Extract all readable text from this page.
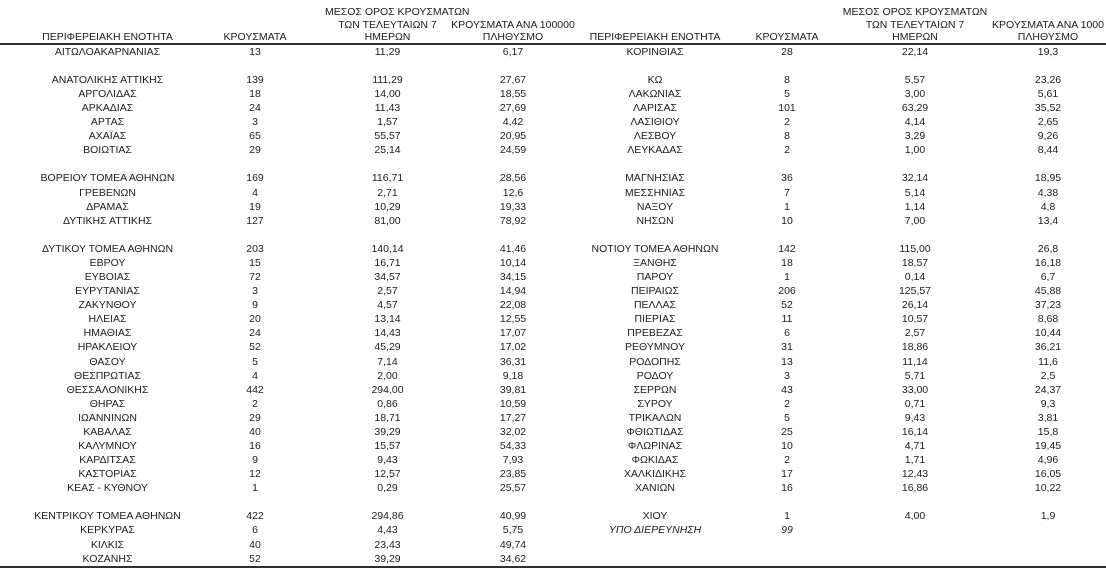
ΠΕΡΙΦΕΡΕΙΑΚΗ ΕΝΟΤΗΤΑ	ΚΡΟΥΣΜΑΤΑ
ΜΕΣΟΣ ΟΡΟΣ ΚΡΟΥΣΜΑΤΩΝ
ΤΩΝ ΤΕΛΕΥΤΑΙΩΝ 7
ΗΜΕΡΩΝ
ΚΡΟΥΣΜΑΤΑ ΑΝΑ 100000
ΠΛΗΘΥΣΜΟ	ΠΕΡΙΦΕΡΕΙΑΚΗ ΕΝΟΤΗΤΑ	ΚΡΟΥΣΜΑΤΑ
ΜΕΣΟΣ ΟΡΟΣ ΚΡΟΥΣΜΑΤΩΝ
ΤΩΝ ΤΕΛΕΥΤΑΙΩΝ 7
ΗΜΕΡΩΝ
ΚΡΟΥΣΜΑΤΑ ΑΝΑ 1000
ΠΛΗΘΥΣΜΟ
ΑΙΤΩΛΟΑΚΑΡΝΑΝΙΑΣ	13	11,29	6,17	ΚΟΡΙΝΘΙΑΣ	28	22,14	19,3
ΑΝΑΤΟΛΙΚΗΣ ΑΤΤΙΚΗΣ	139	111,29	27,67	ΚΩ	8	5,57	23,26
ΑΡΓΟΛΙΔΑΣ	18	14,00	18,55	ΛΑΚΩΝΙΑΣ	5	3,00	5,61
ΑΡΚΑΔΙΑΣ	24	11,43	27,69	ΛΑΡΙΣΑΣ	101	63,29	35,52
ΑΡΤΑΣ	3	1,57	4,42	ΛΑΣΙΘΙΟΥ	2	4,14	2,65
ΑΧΑΪΑΣ	65	55,57	20,95	ΛΕΣΒΟΥ	8	3,29	9,26
ΒΟΙΩΤΙΑΣ	29	25,14	24,59	ΛΕΥΚΑΔΑΣ	2	1,00	8,44
ΒΟΡΕΙΟΥ ΤΟΜΕΑ ΑΘΗΝΩΝ	169	116,71	28,56	ΜΑΓΝΗΣΙΑΣ	36	32,14	18,95
ΓΡΕΒΕΝΩΝ	4	2,71	12,6	ΜΕΣΣΗΝΙΑΣ	7	5,14	4,38
ΔΡΑΜΑΣ	19	10,29	19,33	ΝΑΞΟΥ	1	1,14	4,8
ΔΥΤΙΚΗΣ ΑΤΤΙΚΗΣ	127	81,00	78,92	ΝΗΣΩΝ	10	7,00	13,4
ΔΥΤΙΚΟΥ ΤΟΜΕΑ ΑΘΗΝΩΝ	203	140,14	41,46	ΝΟΤΙΟΥ ΤΟΜΕΑ ΑΘΗΝΩΝ	142	115,00	26,8
ΕΒΡΟΥ	15	16,71	10,14	ΞΑΝΘΗΣ	18	18,57	16,18
ΕΥΒΟΙΑΣ	72	34,57	34,15	ΠΑΡΟΥ	1	0,14	6,7
ΕΥΡΥΤΑΝΙΑΣ	3	2,57	14,94	ΠΕΙΡΑΙΩΣ	206	125,57	45,88
ΖΑΚΥΝΘΟΥ	9	4,57	22,08	ΠΕΛΛΑΣ	52	26,14	37,23
ΗΛΕΙΑΣ	20	13,14	12,55	ΠΙΕΡΙΑΣ	11	10,57	8,68
ΗΜΑΘΙΑΣ	24	14,43	17,07	ΠΡΕΒΕΖΑΣ	6	2,57	10,44
ΗΡΑΚΛΕΙΟΥ	52	45,29	17,02	ΡΕΘΥΜΝΟΥ	31	18,86	36,21
ΘΑΣΟΥ	5	7,14	36,31	ΡΟΔΟΠΗΣ	13	11,14	11,6
ΘΕΣΠΡΩΤΙΑΣ	4	2,00	9,18	ΡΟΔΟΥ	3	5,71	2,5
ΘΕΣΣΑΛΟΝΙΚΗΣ	442	294,00	39,81	ΣΕΡΡΩΝ	43	33,00	24,37
ΘΗΡΑΣ	2	0,86	10,59	ΣΥΡΟΥ	2	0,71	9,3
ΙΩΑΝΝΙΝΩΝ	29	18,71	17,27	ΤΡΙΚΑΛΩΝ	5	9,43	3,81
ΚΑΒΑΛΑΣ	40	39,29	32,02	ΦΘΙΩΤΙΔΑΣ	25	16,14	15,8
ΚΑΛΥΜΝΟΥ	16	15,57	54,33	ΦΛΩΡΙΝΑΣ	10	4,71	19,45
ΚΑΡΔΙΤΣΑΣ	9	9,43	7,93	ΦΩΚΙΔΑΣ	2	1,71	4,96
ΚΑΣΤΟΡΙΑΣ	12	12,57	23,85	ΧΑΛΚΙΔΙΚΗΣ	17	12,43	16,05
ΚΕΑΣ - ΚΥΘΝΟΥ	1	0,29	25,57	ΧΑΝΙΩΝ	16	16,86	10,22
ΚΕΝΤΡΙΚΟΥ ΤΟΜΕΑ ΑΘΗΝΩΝ	422	294,86	40,99	ΧΙΟΥ	1	4,00	1,9
ΚΕΡΚΥΡΑΣ	6	4,43	5,75	ΥΠΟ ΔΙΕΡΕΥΝΗΣΗ	99
ΚΙΛΚΙΣ	40	23,43	49,74
ΚΟΖΑΝΗΣ	52	39,29	34,62
